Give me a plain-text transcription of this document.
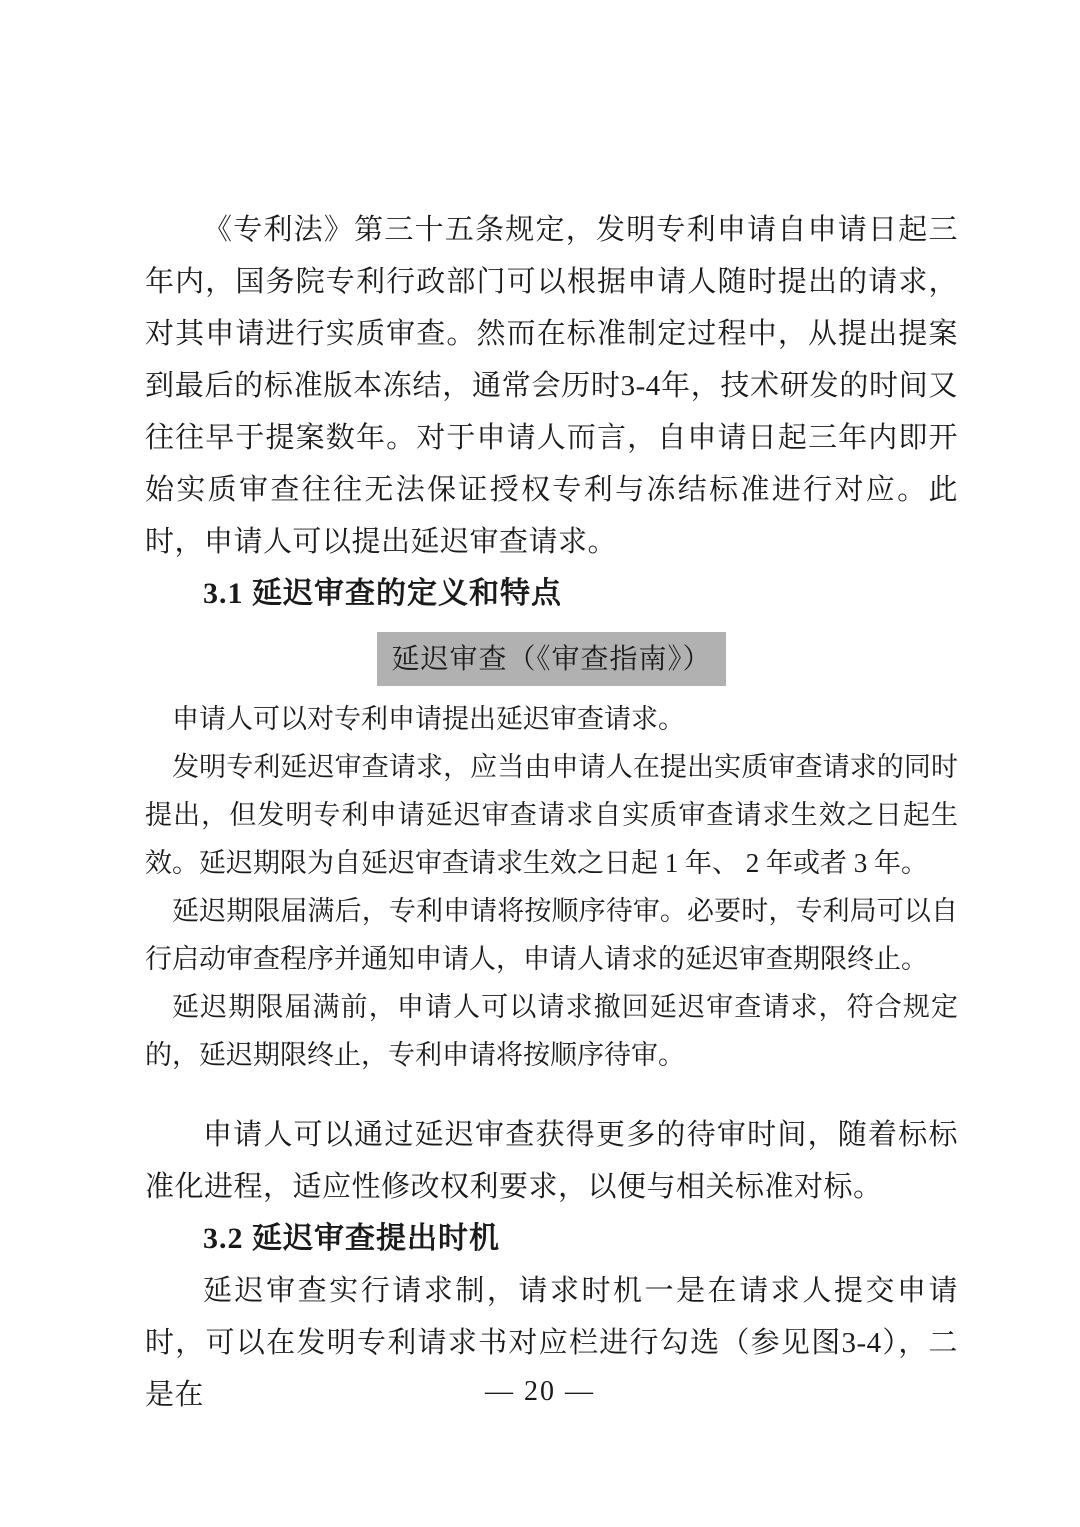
《专利法》第三十五条规定，发明专利申请自申请日起三年内，国务院专利行政部门可以根据申请人随时提出的请求，对其申请进行实质审查。然而在标准制定过程中，从提出提案到最后的标准版本冻结，通常会历时3-4年，技术研发的时间又往往早于提案数年。对于申请人而言，自申请日起三年内即开始实质审查往往无法保证授权专利与冻结标准进行对应。此时，申请人可以提出延迟审查请求。

3.1 延迟审查的定义和特点
延迟审查（《审查指南》）

申请人可以对专利申请提出延迟审查请求。

发明专利延迟审查请求，应当由申请人在提出实质审查请求的同时提出，但发明专利申请延迟审查请求自实质审查请求生效之日起生效。延迟期限为自延迟审查请求生效之日起 1 年、 2 年或者 3 年。

延迟期限届满后，专利申请将按顺序待审。必要时，专利局可以自行启动审查程序并通知申请人，申请人请求的延迟审查期限终止。

延迟期限届满前，申请人可以请求撤回延迟审查请求，符合规定的，延迟期限终止，专利申请将按顺序待审。

申请人可以通过延迟审查获得更多的待审时间，随着标标准化进程，适应性修改权利要求，以便与相关标准对标。

3.2 延迟审查提出时机

延迟审查实行请求制，请求时机一是在请求人提交申请时，可以在发明专利请求书对应栏进行勾选（参见图3-4），二是在	— 20 —
